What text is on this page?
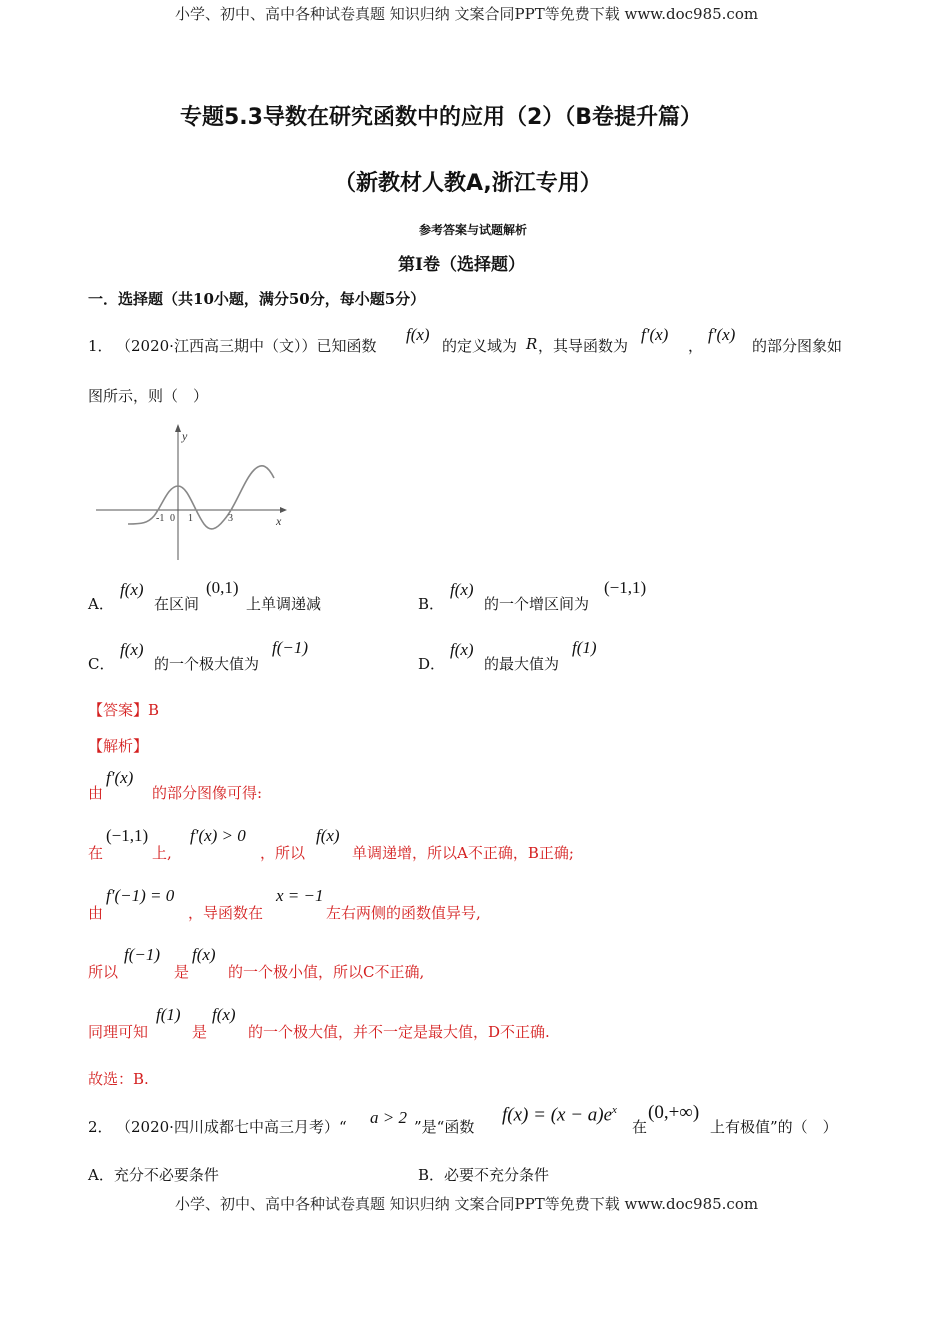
小学、初中、高中各种试卷真题 知识归纳 文案合同PPT等免费下载 www.doc985.com
专题5.3导数在研究函数中的应用（2）（B卷提升篇）
（新教材人教A,浙江专用）
参考答案与试题解析
第Ⅰ卷（选择题）
一．选择题（共10小题，满分50分，每小题5分）
1． （2020·江西高三期中（文））已知函数
f(x)
的定义域为 R ，其导函数为
f′(x)
，
f′(x)
的部分图象如
图所示，则（　）
y
x
-1 0 1	3
A．
f(x)
在区间
(0,1)
上单调递减	B．
f(x)
的一个增区间为
(−1,1)
C．
f(x)
的一个极大值为
f(−1)
D．
f(x)
的最大值为
f(1)
【答案】B
【解析】
由
f′(x)
的部分图像可得:
在
(−1,1)
上,
f′(x) > 0
，所以
f(x)
单调递增，所以A不正确，B正确;
由
f′(−1) = 0
，导函数在
x = −1
左右两侧的函数值异号,
所以
f(−1)
是
f(x)
的一个极小值，所以C不正确,
同理可知
f(1)
是
f(x)
的一个极大值，并不一定是最大值，D不正确.
故选：B.
2． （2020·四川成都七中高三月考）“ a > 2 ”是“函数
$f(x) = (x - a)e^x$
在
(0,+∞)
上有极值”的（　）
A．充分不必要条件	B．必要不充分条件
小学、初中、高中各种试卷真题 知识归纳 文案合同PPT等免费下载 www.doc985.com
